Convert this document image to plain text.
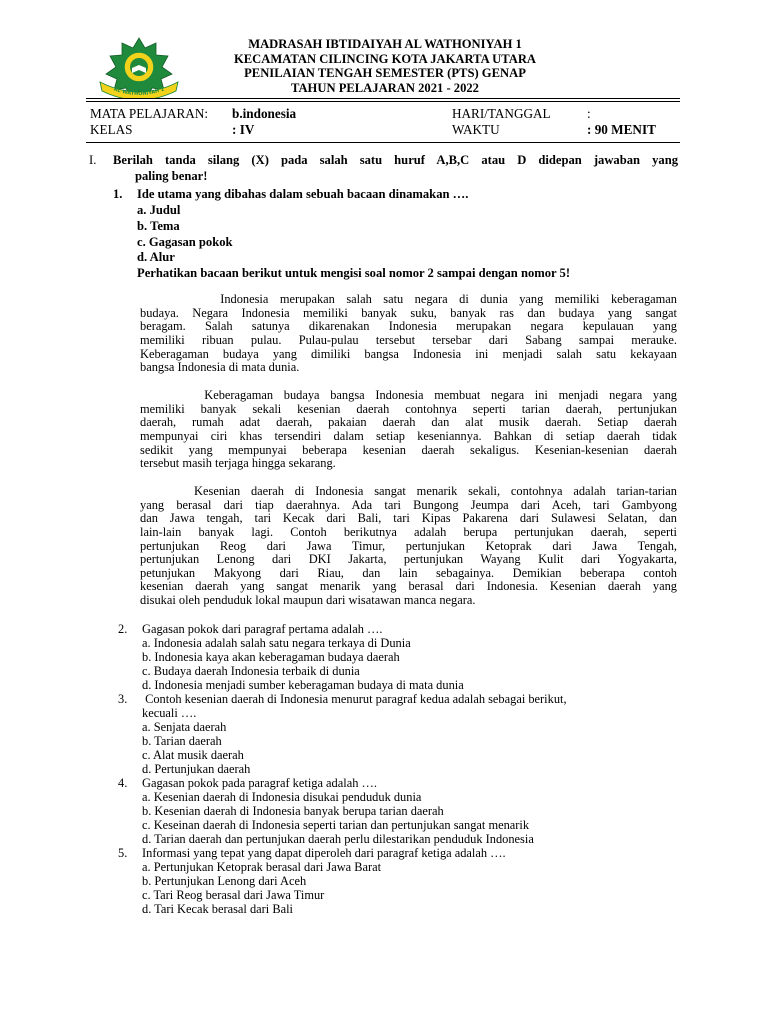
AL WATHONIYAH 1
MADRASAH IBTIDAIYAH AL WATHONIYAH 1
KECAMATAN CILINCING KOTA JAKARTA UTARA
PENILAIAN TENGAH SEMESTER (PTS) GENAP
TAHUN PELAJARAN 2021 - 2022
MATA PELAJARAN: b.indonesia	HARI/TANGGAL	:
KELAS	: IV	WAKTU	: 90 MENIT
I. Berilah tanda silang (X) pada salah satu huruf A,B,C atau D didepan jawaban yang
paling benar!
1.	Ide utama yang dibahas dalam sebuah bacaan dinamakan ….
a. Judul
b. Tema
c. Gagasan pokok
d. Alur
Perhatikan bacaan berikut untuk mengisi soal nomor 2 sampai dengan nomor 5!
Indonesia merupakan salah satu negara di dunia yang memiliki keberagaman
budaya. Negara Indonesia memiliki banyak suku, banyak ras dan budaya yang sangat
beragam. Salah satunya dikarenakan Indonesia merupakan negara kepulauan yang
memiliki ribuan pulau. Pulau-pulau tersebut tersebar dari Sabang sampai merauke.
Keberagaman budaya yang dimiliki bangsa Indonesia ini menjadi salah satu kekayaan
bangsa Indonesia di mata dunia.
Keberagaman budaya bangsa Indonesia membuat negara ini menjadi negara yang
memiliki banyak sekali kesenian daerah contohnya seperti tarian daerah, pertunjukan
daerah, rumah adat daerah, pakaian daerah dan alat musik daerah. Setiap daerah
mempunyai ciri khas tersendiri dalam setiap keseniannya. Bahkan di setiap daerah tidak
sedikit yang mempunyai beberapa kesenian daerah sekaligus. Kesenian-kesenian daerah
tersebut masih terjaga hingga sekarang.
Kesenian daerah di Indonesia sangat menarik sekali, contohnya adalah tarian-tarian
yang berasal dari tiap daerahnya. Ada tari Bungong Jeumpa dari Aceh, tari Gambyong
dan Jawa tengah, tari Kecak dari Bali, tari Kipas Pakarena dari Sulawesi Selatan, dan
lain-lain banyak lagi. Contoh berikutnya adalah berupa pertunjukan daerah, seperti
pertunjukan Reog dari Jawa Timur, pertunjukan Ketoprak dari Jawa Tengah,
pertunjukan Lenong dari DKI Jakarta, pertunjukan Wayang Kulit dari Yogyakarta,
petunjukan Makyong dari Riau, dan lain sebagainya. Demikian beberapa contoh
kesenian daerah yang sangat menarik yang berasal dari Indonesia. Kesenian daerah yang
disukai oleh penduduk lokal maupun dari wisatawan manca negara.
2. Gagasan pokok dari paragraf pertama adalah ….
a. Indonesia adalah salah satu negara terkaya di Dunia
b. Indonesia kaya akan keberagaman budaya daerah
c. Budaya daerah Indonesia terbaik di dunia
d. Indonesia menjadi sumber keberagaman budaya di mata dunia
3. Contoh kesenian daerah di Indonesia menurut paragraf kedua adalah sebagai berikut,
kecuali ….
a. Senjata daerah
b. Tarian daerah
c. Alat musik daerah
d. Pertunjukan daerah
4. Gagasan pokok pada paragraf ketiga adalah ….
a. Kesenian daerah di Indonesia disukai penduduk dunia
b. Kesenian daerah di Indonesia banyak berupa tarian daerah
c. Keseinan daerah di Indonesia seperti tarian dan pertunjukan sangat menarik
d. Tarian daerah dan pertunjukan daerah perlu dilestarikan penduduk Indonesia
5. Informasi yang tepat yang dapat diperoleh dari paragraf ketiga adalah ….
a. Pertunjukan Ketoprak berasal dari Jawa Barat
b. Pertunjukan Lenong dari Aceh
c. Tari Reog berasal dari Jawa Timur
d. Tari Kecak berasal dari Bali
